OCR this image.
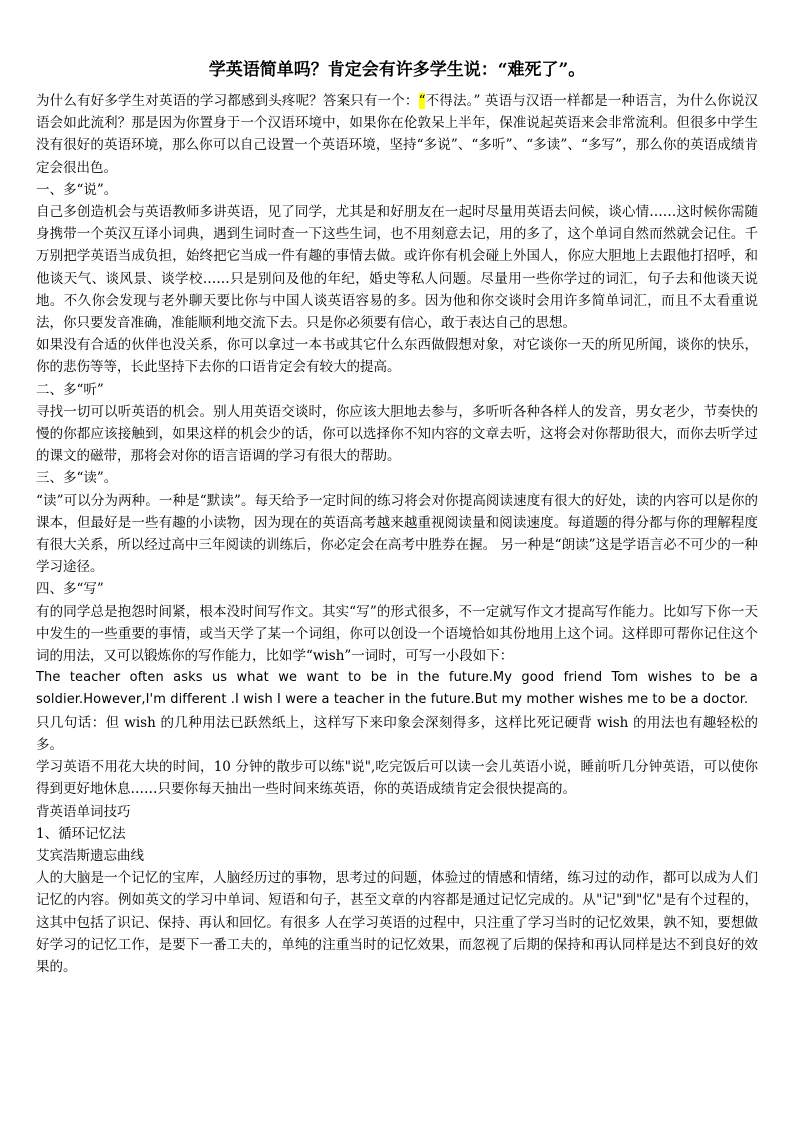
学英语简单吗？肯定会有许多学生说：“难死了”。

为什么有好多学生对英语的学习都感到头疼呢？答案只有一个：“不得法。” 英语与汉语一样都是一种语言，为什么你说汉语会如此流利？那是因为你置身于一个汉语环境中，如果你在伦敦呆上半年，保准说起英语来会非常流利。但很多中学生没有很好的英语环境，那么你可以自己设置一个英语环境，坚持“多说”、“多听”、“多读”、“多写”，那么你的英语成绩肯定会很出色。

一、多“说”。

自己多创造机会与英语教师多讲英语，见了同学，尤其是和好朋友在一起时尽量用英语去问候，谈心情……这时候你需随身携带一个英汉互译小词典，遇到生词时查一下这些生词，也不用刻意去记，用的多了，这个单词自然而然就会记住。千万别把学英语当成负担，始终把它当成一件有趣的事情去做。或许你有机会碰上外国人，你应大胆地上去跟他打招呼，和他谈天气、谈风景、谈学校……只是别问及他的年纪，婚史等私人问题。尽量用一些你学过的词汇，句子去和他谈天说地。不久你会发现与老外聊天要比你与中国人谈英语容易的多。因为他和你交谈时会用许多简单词汇，而且不太看重说法，你只要发音准确，准能顺利地交流下去。只是你必须要有信心，敢于表达自己的思想。

如果没有合适的伙伴也没关系，你可以拿过一本书或其它什么东西做假想对象，对它谈你一天的所见所闻，谈你的快乐，你的悲伤等等，长此坚持下去你的口语肯定会有较大的提高。

二、多“听”

寻找一切可以听英语的机会。别人用英语交谈时，你应该大胆地去参与，多听听各种各样人的发音，男女老少，节奏快的慢的你都应该接触到，如果这样的机会少的话，你可以选择你不知内容的文章去听，这将会对你帮助很大，而你去听学过的课文的磁带，那将会对你的语言语调的学习有很大的帮助。

三、多“读”。

“读”可以分为两种。一种是“默读”。每天给予一定时间的练习将会对你提高阅读速度有很大的好处，读的内容可以是你的课本，但最好是一些有趣的小读物，因为现在的英语高考越来越重视阅读量和阅读速度。每道题的得分都与你的理解程度有很大关系，所以经过高中三年阅读的训练后，你必定会在高考中胜券在握。 另一种是“朗读”这是学语言必不可少的一种学习途径。

四、多“写”

有的同学总是抱怨时间紧，根本没时间写作文。其实“写”的形式很多，不一定就写作文才提高写作能力。比如写下你一天中发生的一些重要的事情，或当天学了某一个词组，你可以创设一个语境恰如其份地用上这个词。这样即可帮你记住这个词的用法，又可以锻炼你的写作能力，比如学“wish”一词时，可写一小段如下：

The teacher often asks us what we want to be in the future.My good friend Tom wishes to be a soldier.However,I'm different .I wish I were a teacher in the future.But my mother wishes me to be a doctor.

只几句话：但 wish 的几种用法已跃然纸上，这样写下来印象会深刻得多，这样比死记硬背 wish 的用法也有趣轻松的多。

学习英语不用花大块的时间，10 分钟的散步可以练"说",吃完饭后可以读一会儿英语小说，睡前听几分钟英语，可以使你得到更好地休息……只要你每天抽出一些时间来练英语，你的英语成绩肯定会很快提高的。

背英语单词技巧

1、循环记忆法

艾宾浩斯遗忘曲线

人的大脑是一个记忆的宝库，人脑经历过的事物，思考过的问题，体验过的情感和情绪，练习过的动作，都可以成为人们记忆的内容。例如英文的学习中单词、短语和句子，甚至文章的内容都是通过记忆完成的。从"记"到"忆"是有个过程的，这其中包括了识记、保持、再认和回忆。有很多 人在学习英语的过程中，只注重了学习当时的记忆效果，孰不知，要想做好学习的记忆工作，是要下一番工夫的，单纯的注重当时的记忆效果，而忽视了后期的保持和再认同样是达不到良好的效果的。
